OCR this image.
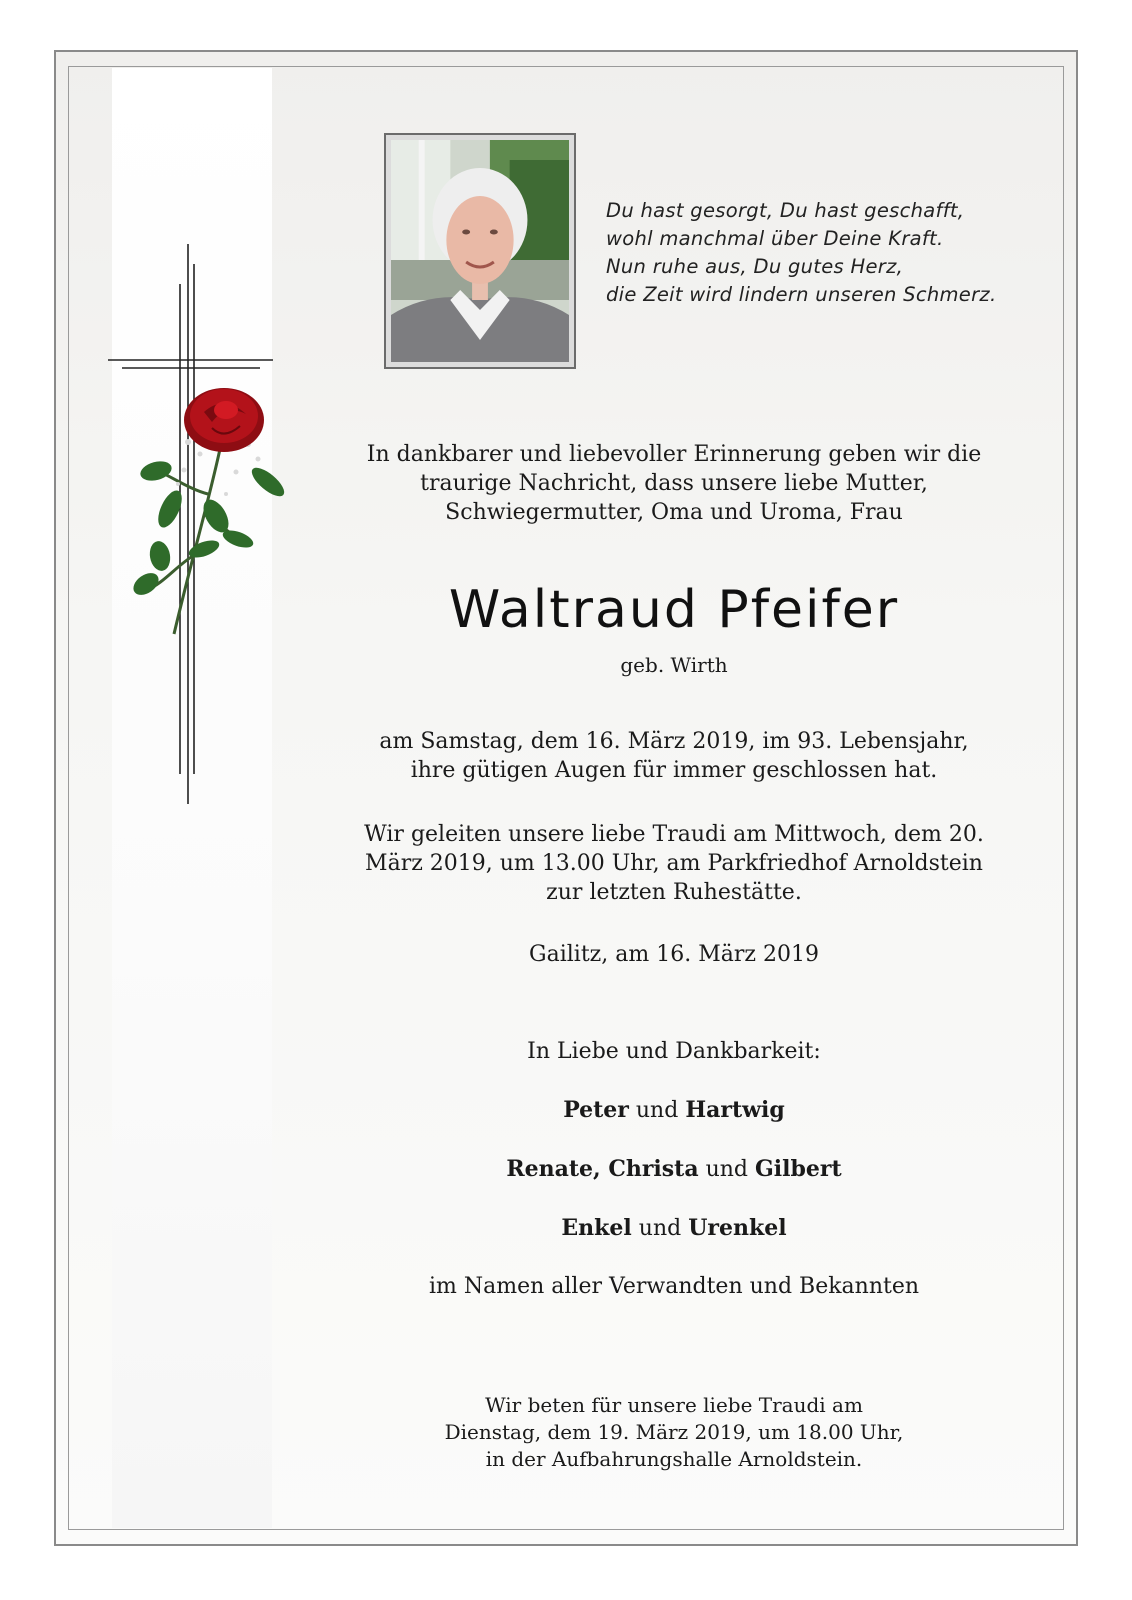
Du hast gesorgt, Du hast geschafft,
wohl manchmal über Deine Kraft.
Nun ruhe aus, Du gutes Herz,
die Zeit wird lindern unseren Schmerz.
In dankbarer und liebevoller Erinnerung geben wir die
traurige Nachricht, dass unsere liebe Mutter,
Schwiegermutter, Oma und Uroma, Frau
Waltraud Pfeifer
geb. Wirth
am Samstag, dem 16. März 2019, im 93. Lebensjahr,
ihre gütigen Augen für immer geschlossen hat.
Wir geleiten unsere liebe Traudi am Mittwoch, dem 20.
März 2019, um 13.00 Uhr, am Parkfriedhof Arnoldstein
zur letzten Ruhestätte.
Gailitz, am 16. März 2019
In Liebe und Dankbarkeit:
Peter und Hartwig
Renate, Christa und Gilbert
Enkel und Urenkel
im Namen aller Verwandten und Bekannten
Wir beten für unsere liebe Traudi am
Dienstag, dem 19. März 2019, um 18.00 Uhr,
in der Aufbahrungshalle Arnoldstein.
